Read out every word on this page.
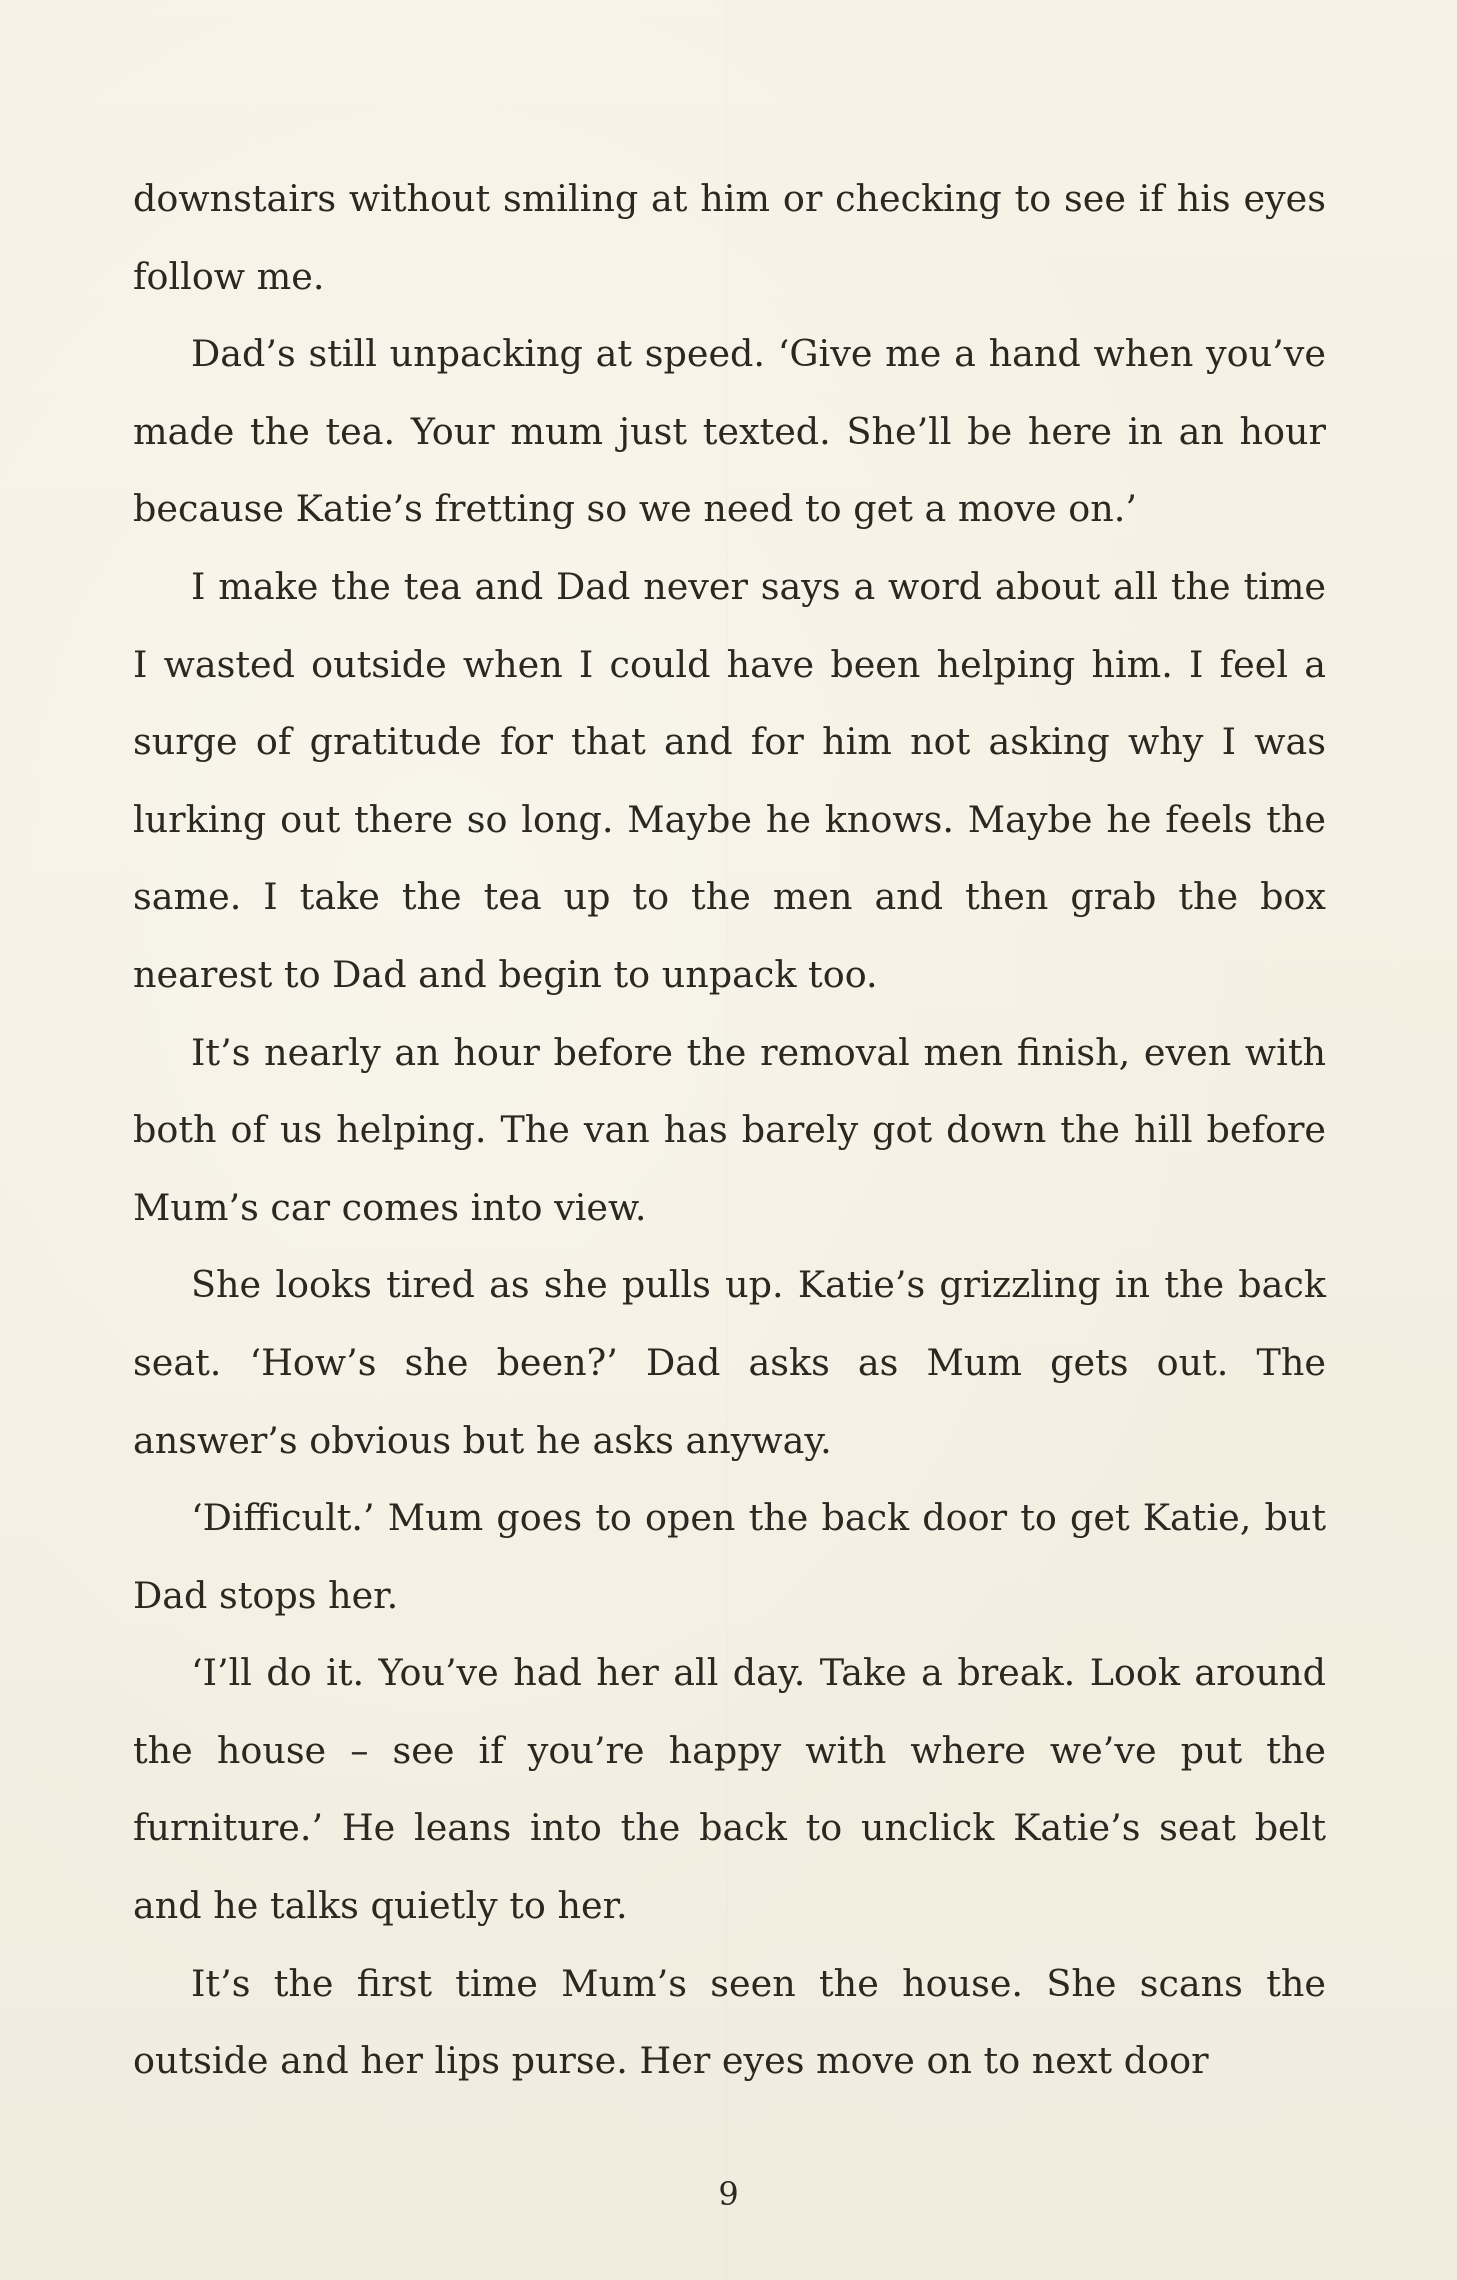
downstairs without smiling at him or checking to see if his eyes follow me.

Dad’s still unpacking at speed. ‘Give me a hand when you’ve made the tea. Your mum just texted. She’ll be here in an hour because Katie’s fretting so we need to get a move on.’

I make the tea and Dad never says a word about all the time I wasted outside when I could have been helping him. I feel a surge of gratitude for that and for him not asking why I was lurking out there so long. Maybe he knows. Maybe he feels the same. I take the tea up to the men and then grab the box nearest to Dad and begin to unpack too.

It’s nearly an hour before the removal men finish, even with both of us helping. The van has barely got down the hill before Mum’s car comes into view.

She looks tired as she pulls up. Katie’s grizzling in the back seat. ‘How’s she been?’ Dad asks as Mum gets out. The answer’s obvious but he asks anyway.

‘Difficult.’ Mum goes to open the back door to get Katie, but Dad stops her.

‘I’ll do it. You’ve had her all day. Take a break. Look around the house – see if you’re happy with where we’ve put the furniture.’ He leans into the back to unclick Katie’s seat belt and he talks quietly to her.

It’s the first time Mum’s seen the house. She scans the outside and her lips purse. Her eyes move on to next door

9
